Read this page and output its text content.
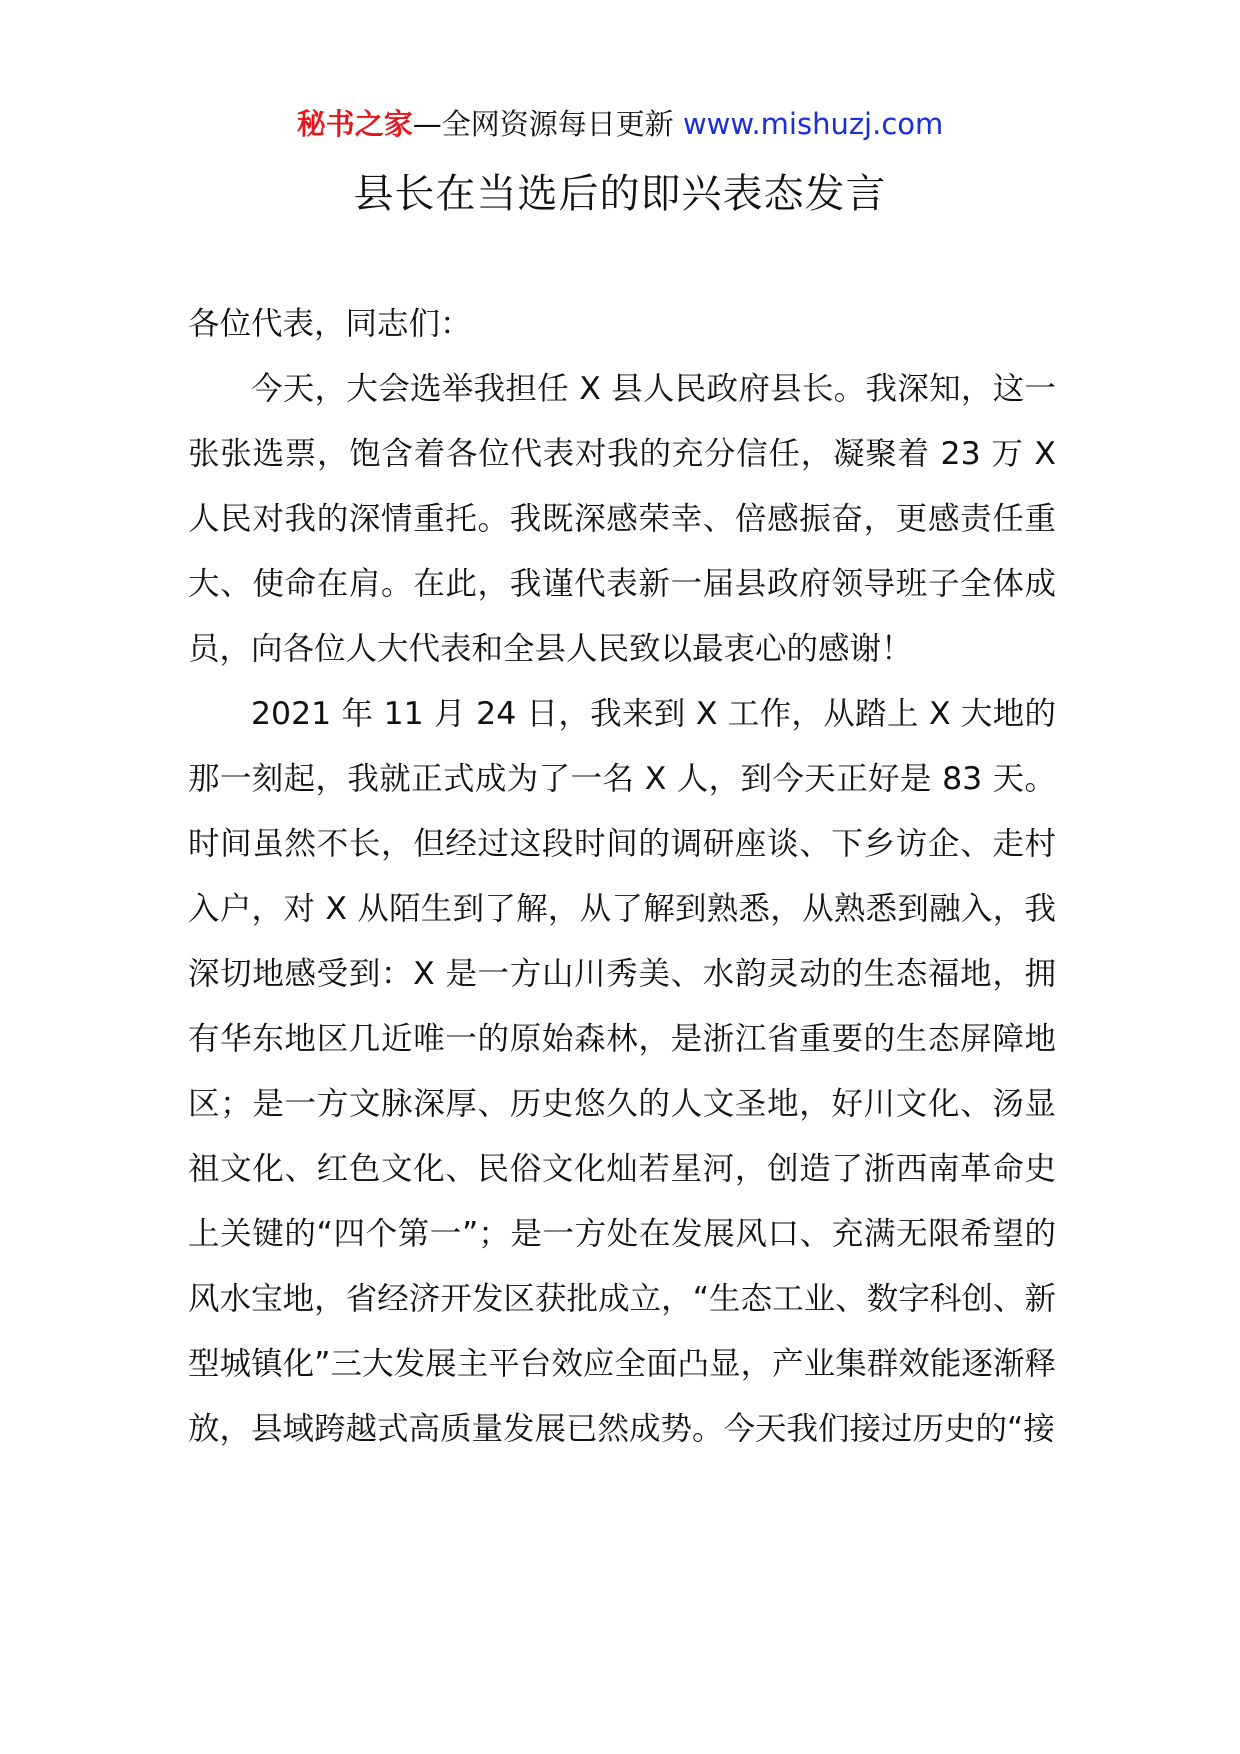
秘书之家—全网资源每日更新 www.mishuzj.com
县长在当选后的即兴表态发言

各位代表，同志们：

今天，大会选举我担任 X 县人民政府县长。我深知，这一张张选票，饱含着各位代表对我的充分信任，凝聚着 23 万 X 人民对我的深情重托。我既深感荣幸、倍感振奋，更感责任重大、使命在肩。在此，我谨代表新一届县政府领导班子全体成员，向各位人大代表和全县人民致以最衷心的感谢！

2021 年 11 月 24 日，我来到 X 工作，从踏上 X 大地的那一刻起，我就正式成为了一名 X 人，到今天正好是 83 天。时间虽然不长，但经过这段时间的调研座谈、下乡访企、走村入户，对 X 从陌生到了解，从了解到熟悉，从熟悉到融入，我深切地感受到：X 是一方山川秀美、水韵灵动的生态福地，拥有华东地区几近唯一的原始森林，是浙江省重要的生态屏障地区；是一方文脉深厚、历史悠久的人文圣地，好川文化、汤显祖文化、红色文化、民俗文化灿若星河，创造了浙西南革命史上关键的“四个第一”；是一方处在发展风口、充满无限希望的风水宝地，省经济开发区获批成立，“生态工业、数字科创、新型城镇化”三大发展主平台效应全面凸显，产业集群效能逐渐释放，县域跨越式高质量发展已然成势。今天我们接过历史的“接
